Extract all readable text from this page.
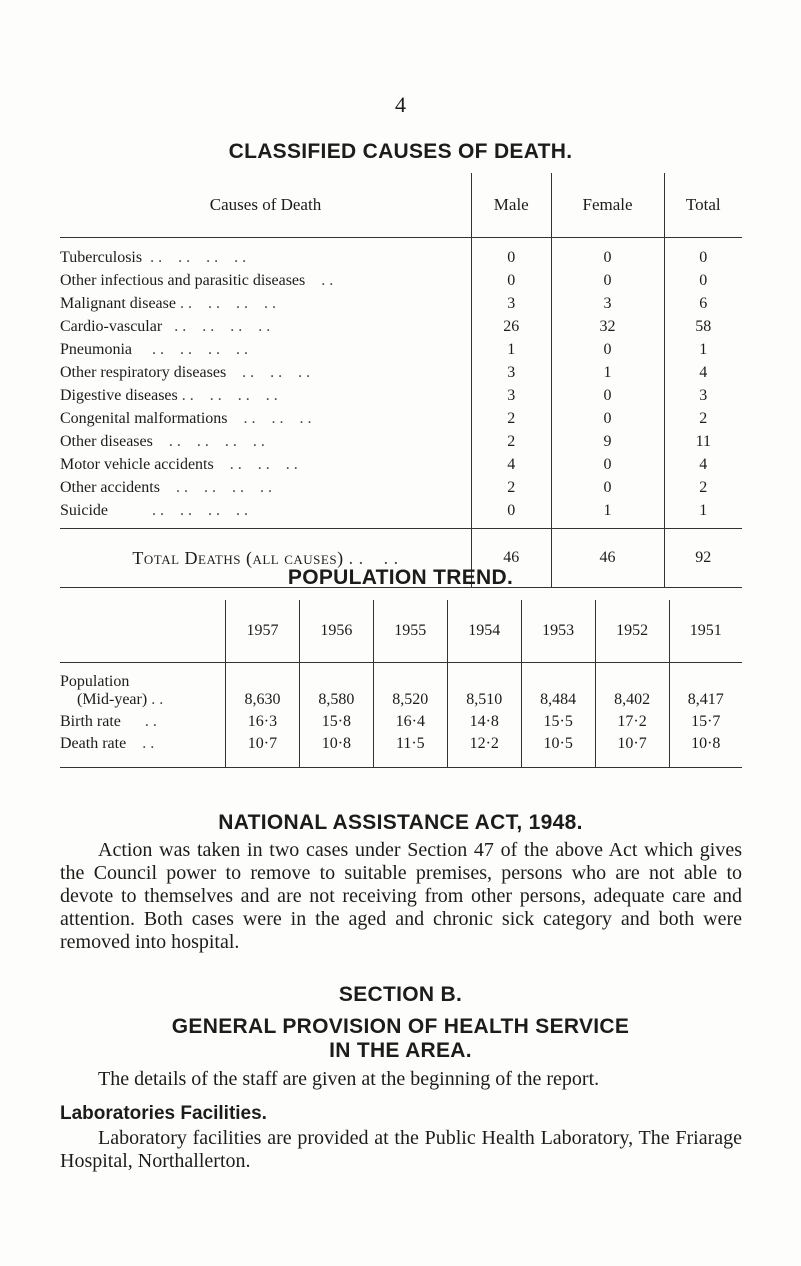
4
CLASSIFIED CAUSES OF DEATH.
Causes of Death	Male	Female	Total
Tuberculosis  . .    . .    . .    . .	0	0	0
Other infectious and parasitic diseases    . .	0	0	0
Malignant disease . .    . .    . .    . .	3	3	6
Cardio-vascular   . .    . .    . .    . .	26	32	58
Pneumonia     . .    . .    . .    . .	1	0	1
Other respiratory diseases    . .    . .    . .	3	1	4
Digestive diseases . .    . .    . .    . .	3	0	3
Congenital malformations    . .    . .    . .	2	0	2
Other diseases    . .    . .    . .    . .	2	9	11
Motor vehicle accidents    . .    . .    . .	4	0	4
Other accidents    . .    . .    . .    . .	2	0	2
Suicide           . .    . .    . .    . .	0	1	1
Total Deaths (all causes) . .    . .	46	46	92
POPULATION TREND.
	1957	1956	1955	1954	1953	1952	1951
Population
(Mid-year) . .	8,630	8,580	8,520	8,510	8,484	8,402	8,417
Birth rate      . .	16·3	15·8	16·4	14·8	15·5	17·2	15·7
Death rate    . .	10·7	10·8	11·5	12·2	10·5	10·7	10·8
NATIONAL ASSISTANCE ACT, 1948.
Action was taken in two cases under Section 47 of the above Act which gives the Council power to remove to suitable premises, persons who are not able to devote to themselves and are not receiving from other persons, adequate care and attention. Both cases were in the aged and chronic sick category and both were removed into hospital.
SECTION B.
GENERAL PROVISION OF HEALTH SERVICE
IN THE AREA.
The details of the staff are given at the beginning of the report.
Laboratories Facilities.
Laboratory facilities are provided at the Public Health Laboratory, The Friarage Hospital, Northallerton.
